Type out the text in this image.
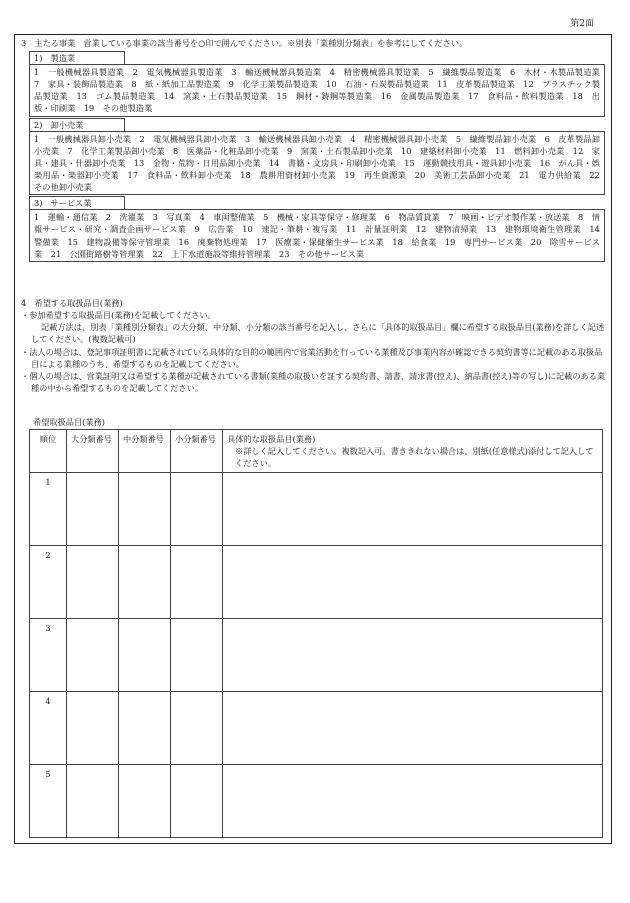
第2面
3　主たる事業　営業している事業の該当番号を○印で囲んでください。※別表「業種別分類表」を参考にしてください。
1)　製造業
1　一般機械器具製造業　2　電気機械器具製造業　3　輸送機械器具製造業　4　精密機械器具製造業　5　繊維製品製造業　6　木材・木製品製造業　7　家具・装飾品製造業　8　紙・紙加工品製造業　9　化学工業製品製造業　10　石油・石炭製品製造業　11　皮革製品製造業　12　プラスチック製品製造業　13　ゴム製品製造業　14　窯業・土石製品製造業　15　鋼材・鋳鋼等製造業　16　金属製品製造業　17　食料品・飲料製造業　18　出版・印刷業　19　その他製造業
2)　卸小売業
1　一般機械器具卸小売業　2　電気機械器具卸小売業　3　輸送機械器具卸小売業　4　精密機械器具卸小売業　5　繊維製品卸小売業　6　皮革製品卸小売業　7　化学工業製品卸小売業　8　医薬品・化粧品卸小売業　9　窯業・土石製品卸小売業　10　建築材料卸小売業　11　燃料卸小売業　12　家具・建具・什器卸小売業　13　金物・荒物・日用品卸小売業　14　書籍・文房具・印刷卸小売業　15　運動競技用具・遊具卸小売業　16　がん具・娯楽用品・楽器卸小売業　17　食料品・飲料卸小売業　18　農耕用資材卸小売業　19　再生資源業　20　美術工芸品卸小売業　21　電力供給業　22　その他卸小売業
3)　サービス業
1　運輸・通信業　2　洗濯業　3　写真業　4　車両整備業　5　機械・家具等保守・修理業　6　物品賃貸業　7　映画・ビデオ製作業・放送業　8　情報サービス・研究・調査企画サービス業　9　広告業　10　速記・筆耕・複写業　11　計量証明業　12　建物清掃業　13　建物環境衛生管理業　14　警備業　15　建物設備等保守管理業　16　廃棄物処理業　17　医療業・保健衛生サービス業　18　給食業　19　専門サービス業　20　除雪サービス業　21　公園街路樹等管理業　22　上下水道施設等維持管理業　23　その他サービス業

4　希望する取扱品目(業務)

・参加希望する取扱品目(業務)を記載してください。

記載方法は、別表「業種別分類表」の大分類、中分類、小分類の該当番号を記入し、さらに「具体的取扱品目」欄に希望する取扱品目(業務)を詳しく記述してください。(複数記載可)

・法人の場合は、登記事項証明書に記載されている具体的な目的の範囲内で営業活動を行っている業種及び事業内容が確認できる契約書等に記載のある取扱品目による業種のうち、希望するものを記載してください。

・個人の場合は、営業証明又は希望する業種が記載されている書類(業種の取扱いを証する契約書、請書、請求書(控え)、納品書(控え)等の写し)に記載のある業種の中から希望するものを記載してください。

希望取扱品目(業務)
順位	大分類番号	中分類番号	小分類番号	具体的な取扱品目(業務)
※詳しく記入してください。複数記入可。書ききれない場合は、別紙(任意様式)添付して記入してください。

1				
2				
3				
4				
5				
